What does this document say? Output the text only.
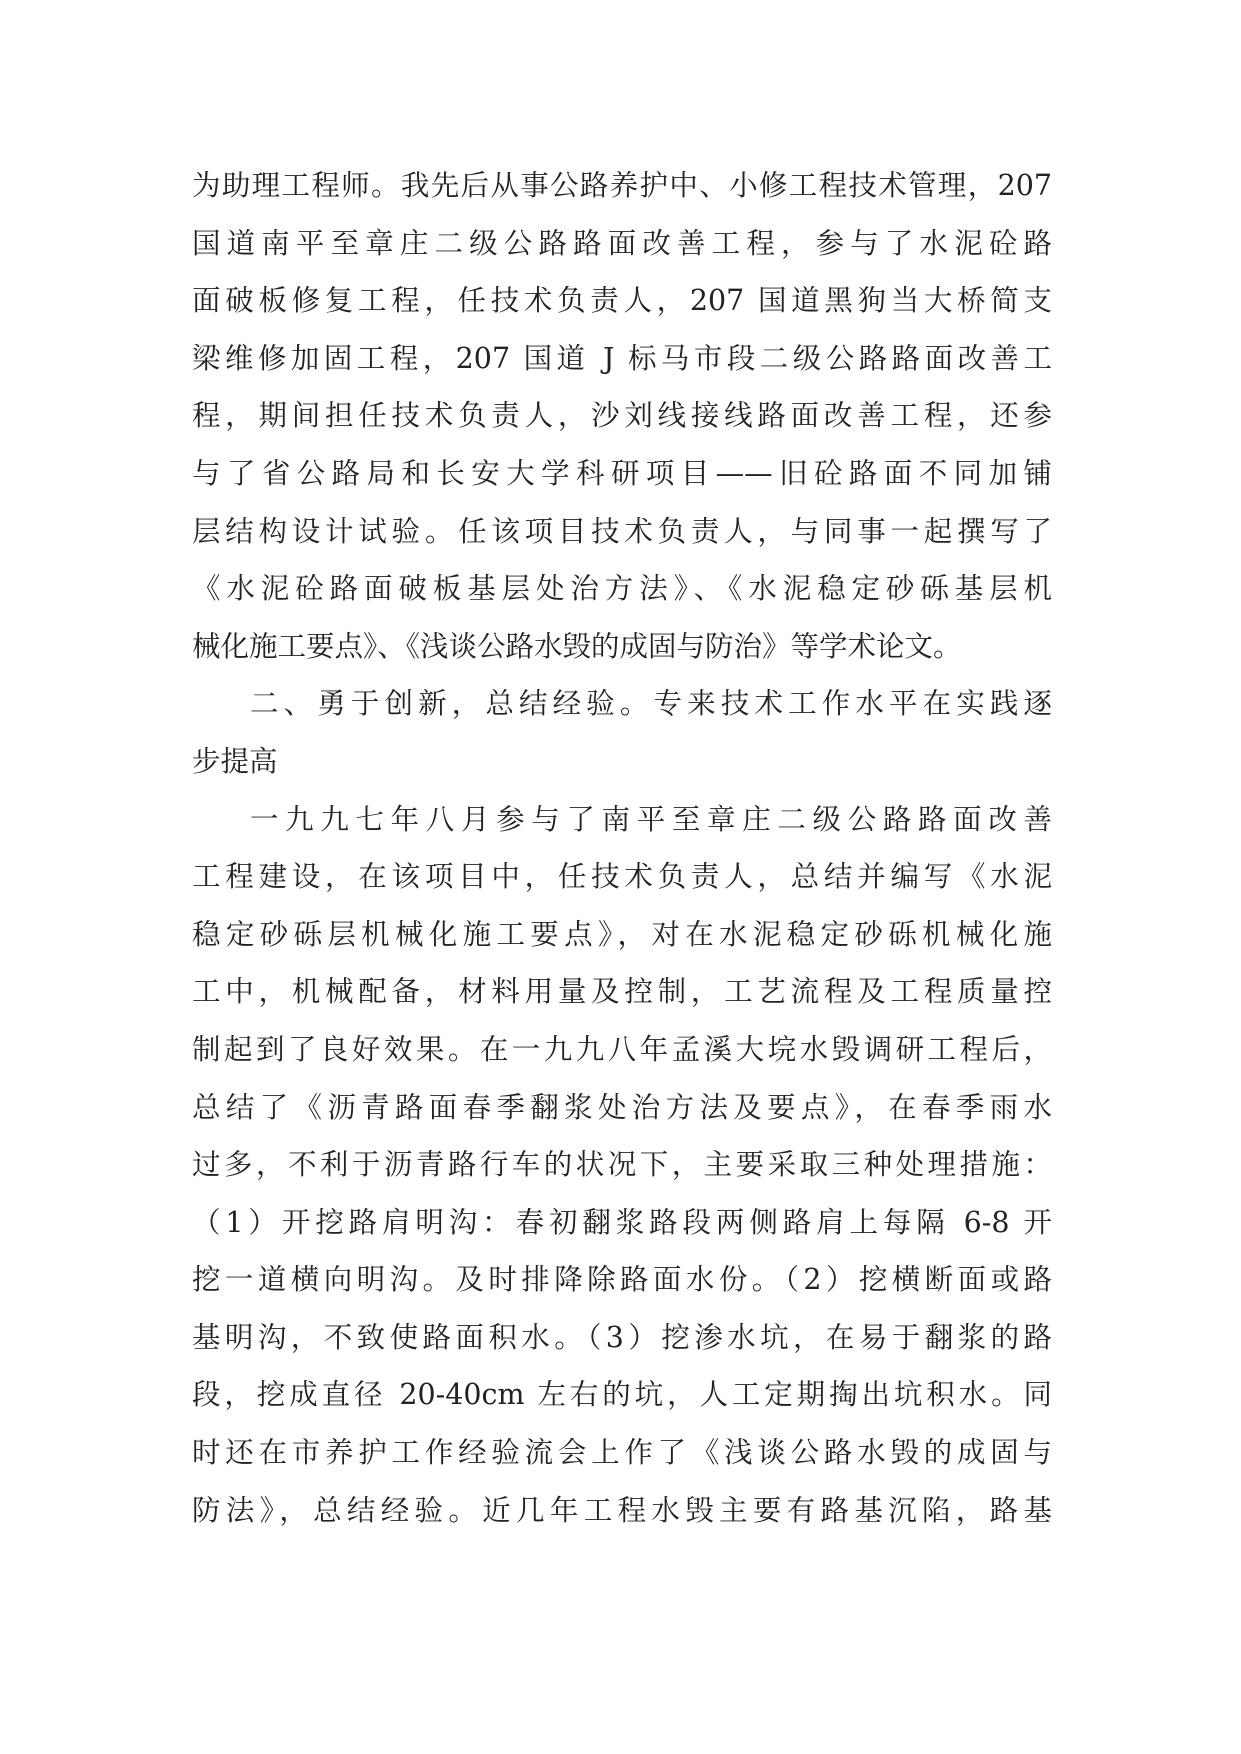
为助理工程师。我先后从事公路养护中、小修工程技术管理，207
国道南平至章庄二级公路路面改善工程，参与了水泥砼路
面破板修复工程，任技术负责人，207 国道黑狗当大桥简支
梁维修加固工程，207 国道 J 标马市段二级公路路面改善工
程，期间担任技术负责人，沙刘线接线路面改善工程，还参
与了省公路局和长安大学科研项目——旧砼路面不同加铺
层结构设计试验。任该项目技术负责人，与同事一起撰写了
《水泥砼路面破板基层处治方法》、《水泥稳定砂砾基层机
械化施工要点》、《浅谈公路水毁的成固与防治》等学术论文。
二、勇于创新，总结经验。专来技术工作水平在实践逐
步提高
一九九七年八月参与了南平至章庄二级公路路面改善
工程建设，在该项目中，任技术负责人，总结并编写《水泥
稳定砂砾层机械化施工要点》，对在水泥稳定砂砾机械化施
工中，机械配备，材料用量及控制，工艺流程及工程质量控
制起到了良好效果。在一九九八年孟溪大垸水毁调研工程后，
总结了《沥青路面春季翻浆处治方法及要点》，在春季雨水
过多，不利于沥青路行车的状况下，主要采取三种处理措施：
（1）开挖路肩明沟：春初翻浆路段两侧路肩上每隔 6-8 开
挖一道横向明沟。及时排降除路面水份。（2）挖横断面或路
基明沟，不致使路面积水。（3）挖渗水坑，在易于翻浆的路
段，挖成直径 20-40cm 左右的坑，人工定期掏出坑积水。同
时还在市养护工作经验流会上作了《浅谈公路水毁的成固与
防法》，总结经验。近几年工程水毁主要有路基沉陷，路基
